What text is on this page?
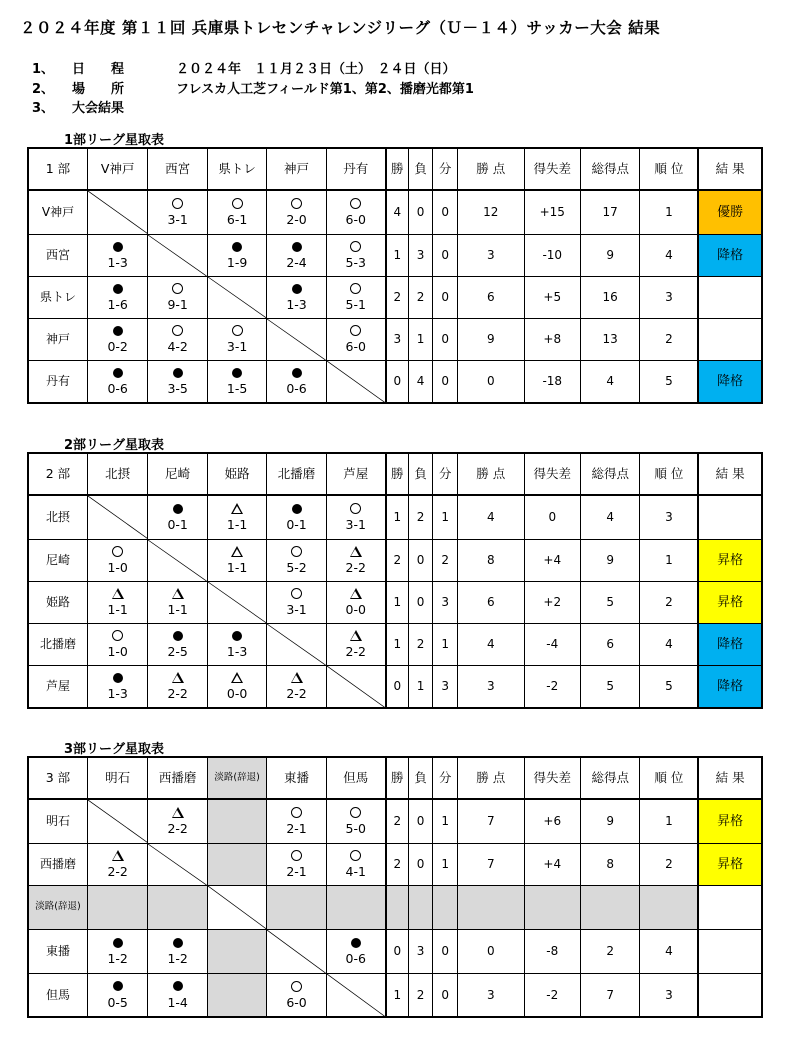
２０２４年度 第１１回 兵庫県トレセンチャレンジリーグ（Ｕ－１４）サッカー大会 結果
1、 日　　程	２０２４年　１１月２３日（土）　２４日（日）
2、 場　　所	フレスカ人工芝フィールド第1、第2、播磨光都第1
3、 大会結果
1部リーグ星取表
1 部	V神戸	西宮	県トレ	神戸	丹有	勝	負	分	勝 点	得失差	総得点	順 位	結 果
V神戸		3-1	6-1	2-0	6-0	4	0	0	12	+15	17	1	優勝
西宮	1-3		1-9	2-4	5-3	1	3	0	3	-10	9	4	降格
県トレ	1-6	9-1		1-3	5-1	2	2	0	6	+5	16	3	
神戸	0-2	4-2	3-1		6-0	3	1	0	9	+8	13	2	
丹有	0-6	3-5	1-5	0-6		0	4	0	0	-18	4	5	降格
2部リーグ星取表
2 部	北摂	尼崎	姫路	北播磨	芦屋	勝	負	分	勝 点	得失差	総得点	順 位	結 果
北摂		0-1	1-1	0-1	3-1	1	2	1	4	0	4	3	
尼崎	1-0		1-1	5-2	2-2	2	0	2	8	+4	9	1	昇格
姫路	1-1	1-1		3-1	0-0	1	0	3	6	+2	5	2	昇格
北播磨	1-0	2-5	1-3		2-2	1	2	1	4	-4	6	4	降格
芦屋	1-3	2-2	0-0	2-2		0	1	3	3	-2	5	5	降格
3部リーグ星取表
3 部	明石	西播磨	淡路(辞退)	東播	但馬	勝	負	分	勝 点	得失差	総得点	順 位	結 果
明石		2-2		2-1	5-0	2	0	1	7	+6	9	1	昇格
西播磨	2-2			2-1	4-1	2	0	1	7	+4	8	2	昇格
淡路(辞退)			

東播	1-2	1-2			0-6	0	3	0	0	-8	2	4	
但馬	0-5	1-4		6-0		1	2	0	3	-2	7	3	
